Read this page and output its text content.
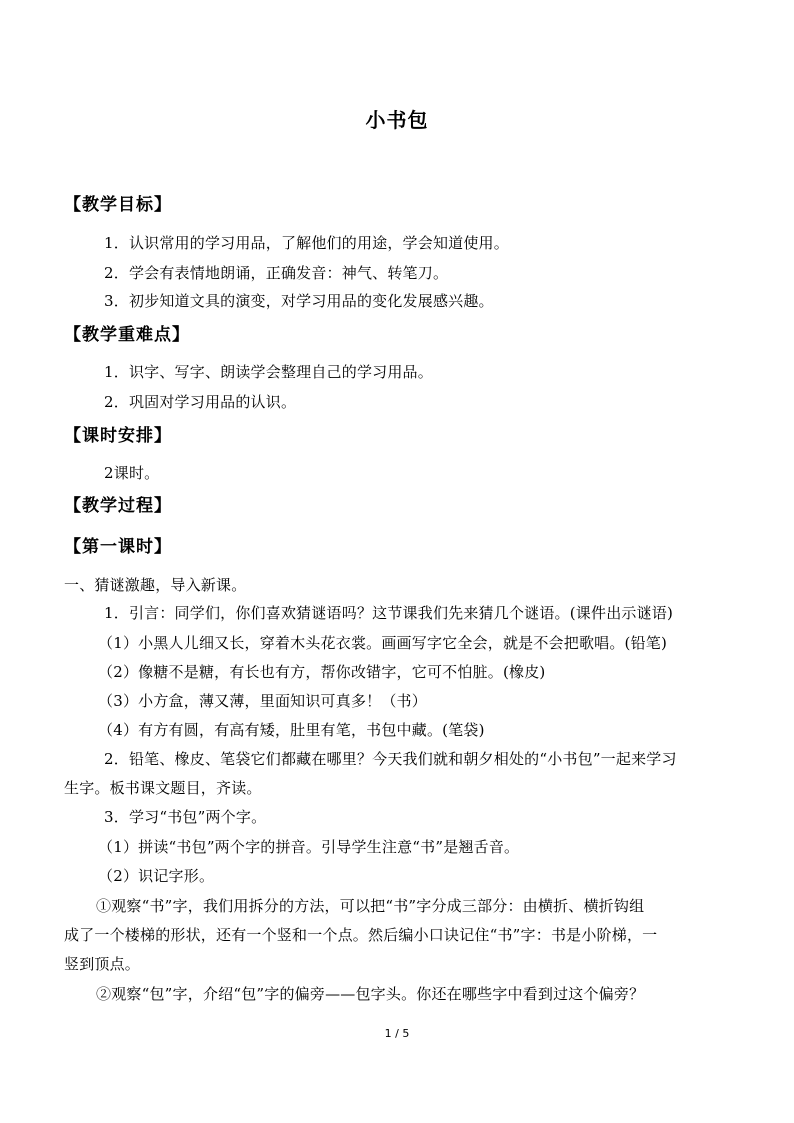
小书包
【教学目标】
1．认识常用的学习用品，了解他们的用途，学会知道使用。
2．学会有表情地朗诵，正确发音：神气、转笔刀。
3．初步知道文具的演变，对学习用品的变化发展感兴趣。
【教学重难点】
1．识字、写字、朗读学会整理自己的学习用品。
2．巩固对学习用品的认识。
【课时安排】
2课时。
【教学过程】
【第一课时】
一、猜谜激趣，导入新课。
1．引言：同学们，你们喜欢猜谜语吗？这节课我们先来猜几个谜语。(课件出示谜语)
（1）小黑人儿细又长，穿着木头花衣裳。画画写字它全会，就是不会把歌唱。(铅笔)
（2）像糖不是糖，有长也有方，帮你改错字，它可不怕脏。(橡皮)
（3）小方盒，薄又薄，里面知识可真多！（书）
（4）有方有圆，有高有矮，肚里有笔，书包中藏。(笔袋)
2．铅笔、橡皮、笔袋它们都藏在哪里？今天我们就和朝夕相处的“小书包”一起来学习
生字。板书课文题目，齐读。
3．学习“书包”两个字。
（1）拼读“书包”两个字的拼音。引导学生注意“书”是翘舌音。
（2）识记字形。
①观察“书”字，我们用拆分的方法，可以把“书”字分成三部分：由横折、横折钩组
成了一个楼梯的形状，还有一个竖和一个点。然后编小口诀记住“书”字：书是小阶梯，一
竖到顶点。
②观察“包”字，介绍“包”字的偏旁——包字头。你还在哪些字中看到过这个偏旁？
1 / 5
